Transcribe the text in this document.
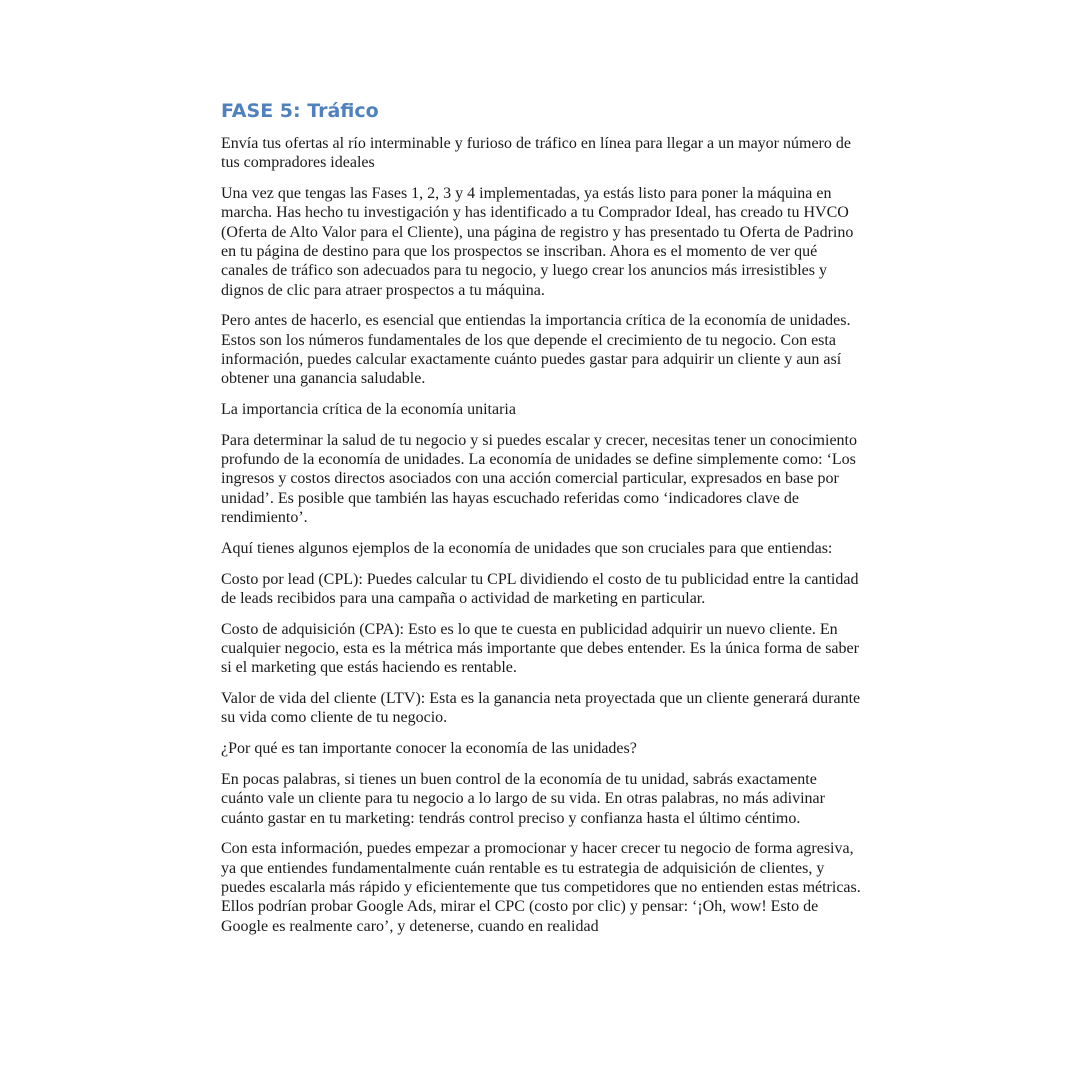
FASE 5: Tráfico

Envía tus ofertas al río interminable y furioso de tráfico en línea para llegar a un mayor número de tus compradores ideales

Una vez que tengas las Fases 1, 2, 3 y 4 implementadas, ya estás listo para poner la máquina en marcha. Has hecho tu investigación y has identificado a tu Comprador Ideal, has creado tu HVCO (Oferta de Alto Valor para el Cliente), una página de registro y has presentado tu Oferta de Padrino en tu página de destino para que los prospectos se inscriban. Ahora es el momento de ver qué canales de tráfico son adecuados para tu negocio, y luego crear los anuncios más irresistibles y dignos de clic para atraer prospectos a tu máquina.

Pero antes de hacerlo, es esencial que entiendas la importancia crítica de la economía de unidades. Estos son los números fundamentales de los que depende el crecimiento de tu negocio. Con esta información, puedes calcular exactamente cuánto puedes gastar para adquirir un cliente y aun así obtener una ganancia saludable.

La importancia crítica de la economía unitaria

Para determinar la salud de tu negocio y si puedes escalar y crecer, necesitas tener un conocimiento profundo de la economía de unidades. La economía de unidades se define simplemente como: ‘Los ingresos y costos directos asociados con una acción comercial particular, expresados en base por unidad’. Es posible que también las hayas escuchado referidas como ‘indicadores clave de rendimiento’.

Aquí tienes algunos ejemplos de la economía de unidades que son cruciales para que entiendas:

Costo por lead (CPL): Puedes calcular tu CPL dividiendo el costo de tu publicidad entre la cantidad de leads recibidos para una campaña o actividad de marketing en particular.

Costo de adquisición (CPA): Esto es lo que te cuesta en publicidad adquirir un nuevo cliente. En cualquier negocio, esta es la métrica más importante que debes entender. Es la única forma de saber si el marketing que estás haciendo es rentable.

Valor de vida del cliente (LTV): Esta es la ganancia neta proyectada que un cliente generará durante su vida como cliente de tu negocio.

¿Por qué es tan importante conocer la economía de las unidades?

En pocas palabras, si tienes un buen control de la economía de tu unidad, sabrás exactamente cuánto vale un cliente para tu negocio a lo largo de su vida. En otras palabras, no más adivinar cuánto gastar en tu marketing: tendrás control preciso y confianza hasta el último céntimo.

Con esta información, puedes empezar a promocionar y hacer crecer tu negocio de forma agresiva, ya que entiendes fundamentalmente cuán rentable es tu estrategia de adquisición de clientes, y puedes escalarla más rápido y eficientemente que tus competidores que no entienden estas métricas. Ellos podrían probar Google Ads, mirar el CPC (costo por clic) y pensar: ‘¡Oh, wow! Esto de Google es realmente caro’, y detenerse, cuando en realidad
